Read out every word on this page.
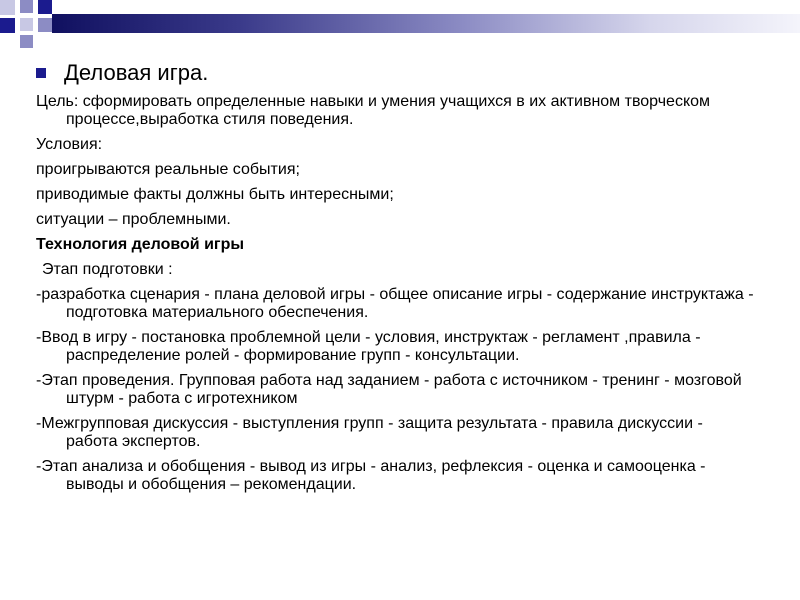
Деловая игра.
Цель: сформировать определенные навыки и умения учащихся в их активном творческом процессе,выработка стиля поведения.
Условия:
проигрываются реальные события;
приводимые факты должны быть интересными;
ситуации – проблемными.
Технология деловой игры
Этап подготовки :
-разработка сценария - плана деловой игры - общее описание игры - содержание инструктажа - подготовка материального обеспечения.
-Ввод в игру - постановка проблемной цели - условия, инструктаж - регламент ,правила - распределение ролей - формирование групп - консультации.
-Этап проведения. Групповая работа над заданием - работа с источником - тренинг - мозговой штурм - работа с игротехником
-Межгрупповая дискуссия - выступления групп - защита результата - правила дискуссии - работа экспертов.
-Этап анализа и обобщения - вывод из игры - анализ, рефлексия - оценка и самооценка - выводы и обобщения – рекомендации.
